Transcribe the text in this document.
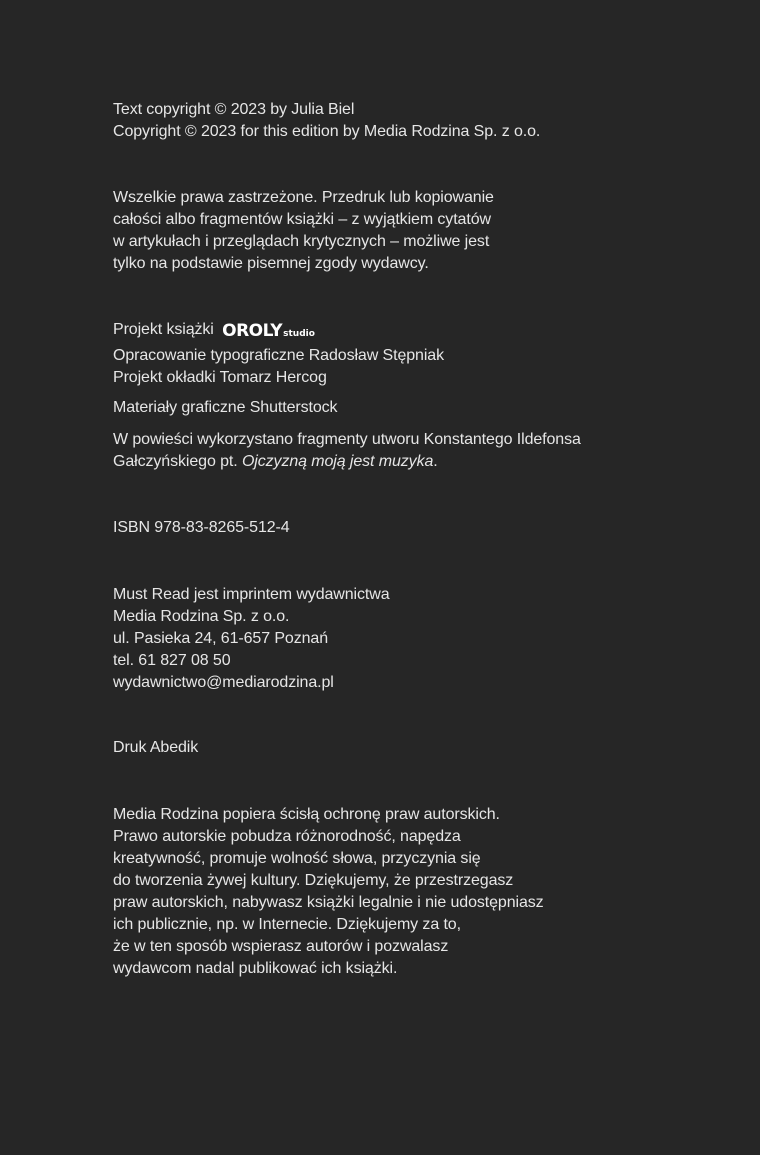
Text copyright © 2023 by Julia Biel
Copyright © 2023 for this edition by Media Rodzina Sp. z o.o.
Wszelkie prawa zastrzeżone. Przedruk lub kopiowanie
całości albo fragmentów książki – z wyjątkiem cytatów
w artykułach i przeglądach krytycznych – możliwe jest
tylko na podstawie pisemnej zgody wydawcy.
Projekt książki OROLYstudio
Opracowanie typograficzne Radosław Stępniak
Projekt okładki Tomarz Hercog
Materiały graficzne Shutterstock
W powieści wykorzystano fragmenty utworu Konstantego Ildefonsa
Gałczyńskiego pt. Ojczyzną moją jest muzyka.
ISBN 978-83-8265-512-4
Must Read jest imprintem wydawnictwa
Media Rodzina Sp. z o.o.
ul. Pasieka 24, 61-657 Poznań
tel. 61 827 08 50
wydawnictwo@mediarodzina.pl
Druk Abedik
Media Rodzina popiera ścisłą ochronę praw autorskich.
Prawo autorskie pobudza różnorodność, napędza
kreatywność, promuje wolność słowa, przyczynia się
do tworzenia żywej kultury. Dziękujemy, że przestrzegasz
praw autorskich, nabywasz książki legalnie i nie udostępniasz
ich publicznie, np. w Internecie. Dziękujemy za to,
że w ten sposób wspierasz autorów i pozwalasz
wydawcom nadal publikować ich książki.
